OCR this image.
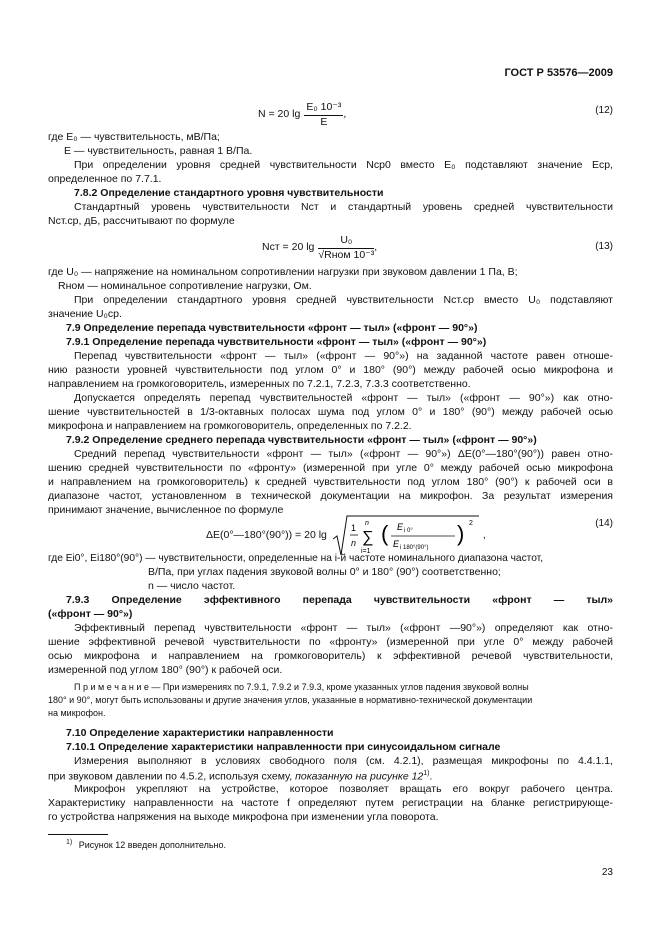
ГОСТ Р 53576—2009
N = 20 $\lg \frac{\text{E₀ 10⁻³}}{E}$ ,	(12)
где E₀ — чувствительность, мВ/Па;
E — чувствительность, равная 1 В/Па.
При определении уровня средней чувствительности Nср0 вместо E₀ подставляют значение Eср,
определенное по 7.7.1.
7.8.2 Определение стандартного уровня чувствительности
Стандартный уровень чувствительности Nст и стандартный уровень средней чувствительности
Nст.ср, дБ, рассчитывают по формуле
Nст = 20 $\lg \frac{\text{U₀}}{\text{√Rном 10⁻³}}$ ,	(13)
где U₀ — напряжение на номинальном сопротивлении нагрузки при звуковом давлении 1 Па, В;
Rном — номинальное сопротивление нагрузки, Ом.
При определении стандартного уровня средней чувствительности Nст.ср вместо U₀ подставляют
значение U₀ср.
7.9 Определение перепада чувствительности «фронт — тыл» («фронт — 90°»)
7.9.1 Определение перепада чувствительности «фронт — тыл» («фронт — 90°»)
Перепад чувствительности «фронт — тыл» («фронт — 90°») на заданной частоте равен отноше-
нию разности уровней чувствительности под углом 0° и 180° (90°) между рабочей осью микрофона и
направлением на громкоговоритель, измеренных по 7.2.1, 7.2.3, 7.3.3 соответственно.
Допускается определять перепад чувствительностей «фронт — тыл» («фронт — 90°») как отно-
шение чувствительностей в 1/3-октавных полосах шума под углом 0° и 180° (90°) между рабочей осью
микрофона и направлением на громкоговоритель, определенных по 7.2.2.
7.9.2 Определение среднего перепада чувствительности «фронт — тыл» («фронт — 90°»)
Средний перепад чувствительности «фронт — тыл» («фронт — 90°») ΔE(0°—180°(90°)) равен отно-
шению средней чувствительности по «фронту» (измеренной при угле 0° между рабочей осью микрофона
и направлением на громкоговоритель) к средней чувствительности под углом 180° (90°) к рабочей оси в
диапазоне частот, установленном в технической документации на микрофон. За результат измерения
принимают значение, вычисленное по формуле
ΔE(0°—180°(90°)) = 20 lg
1
n
n
∑
i=1
( E i 0°
E i 180°(90°)
) 2
,
(14)
где Ei0°, Ei180°(90°) — чувствительности, определенные на i-й частоте номинального диапазона частот,
В/Па, при углах падения звуковой волны 0° и 180° (90°) соответственно;
n — число частот.
7.9.3 Определение эффективного перепада чувствительности «фронт — тыл»
(«фронт — 90°»)
Эффективный перепад чувствительности «фронт — тыл» («фронт —90°») определяют как отно-
шение эффективной речевой чувствительности по «фронту» (измеренной при угле 0° между рабочей
осью микрофона и направлением на громкоговоритель) к эффективной речевой чувствительности,
измеренной под углом 180° (90°) к рабочей оси.
П р и м е ч а н и е — При измерениях по 7.9.1, 7.9.2 и 7.9.3, кроме указанных углов падения звуковой волны
180° и 90°, могут быть использованы и другие значения углов, указанные в нормативно-технической документации
на микрофон.
7.10 Определение характеристики направленности
7.10.1 Определение характеристики направленности при синусоидальном сигнале
Измерения выполняют в условиях свободного поля (см. 4.2.1), размещая микрофоны по 4.4.1.1,
при звуковом давлении по 4.5.2, используя схему, показанную на рисунке 12$^{1)}$.
Микрофон укрепляют на устройстве, которое позволяет вращать его вокруг рабочего центра.
Характеристику направленности на частоте f определяют путем регистрации на бланке регистрирующе-
го устройства напряжения на выходе микрофона при изменении угла поворота.
$^{1)}$ Рисунок 12 введен дополнительно.
23
